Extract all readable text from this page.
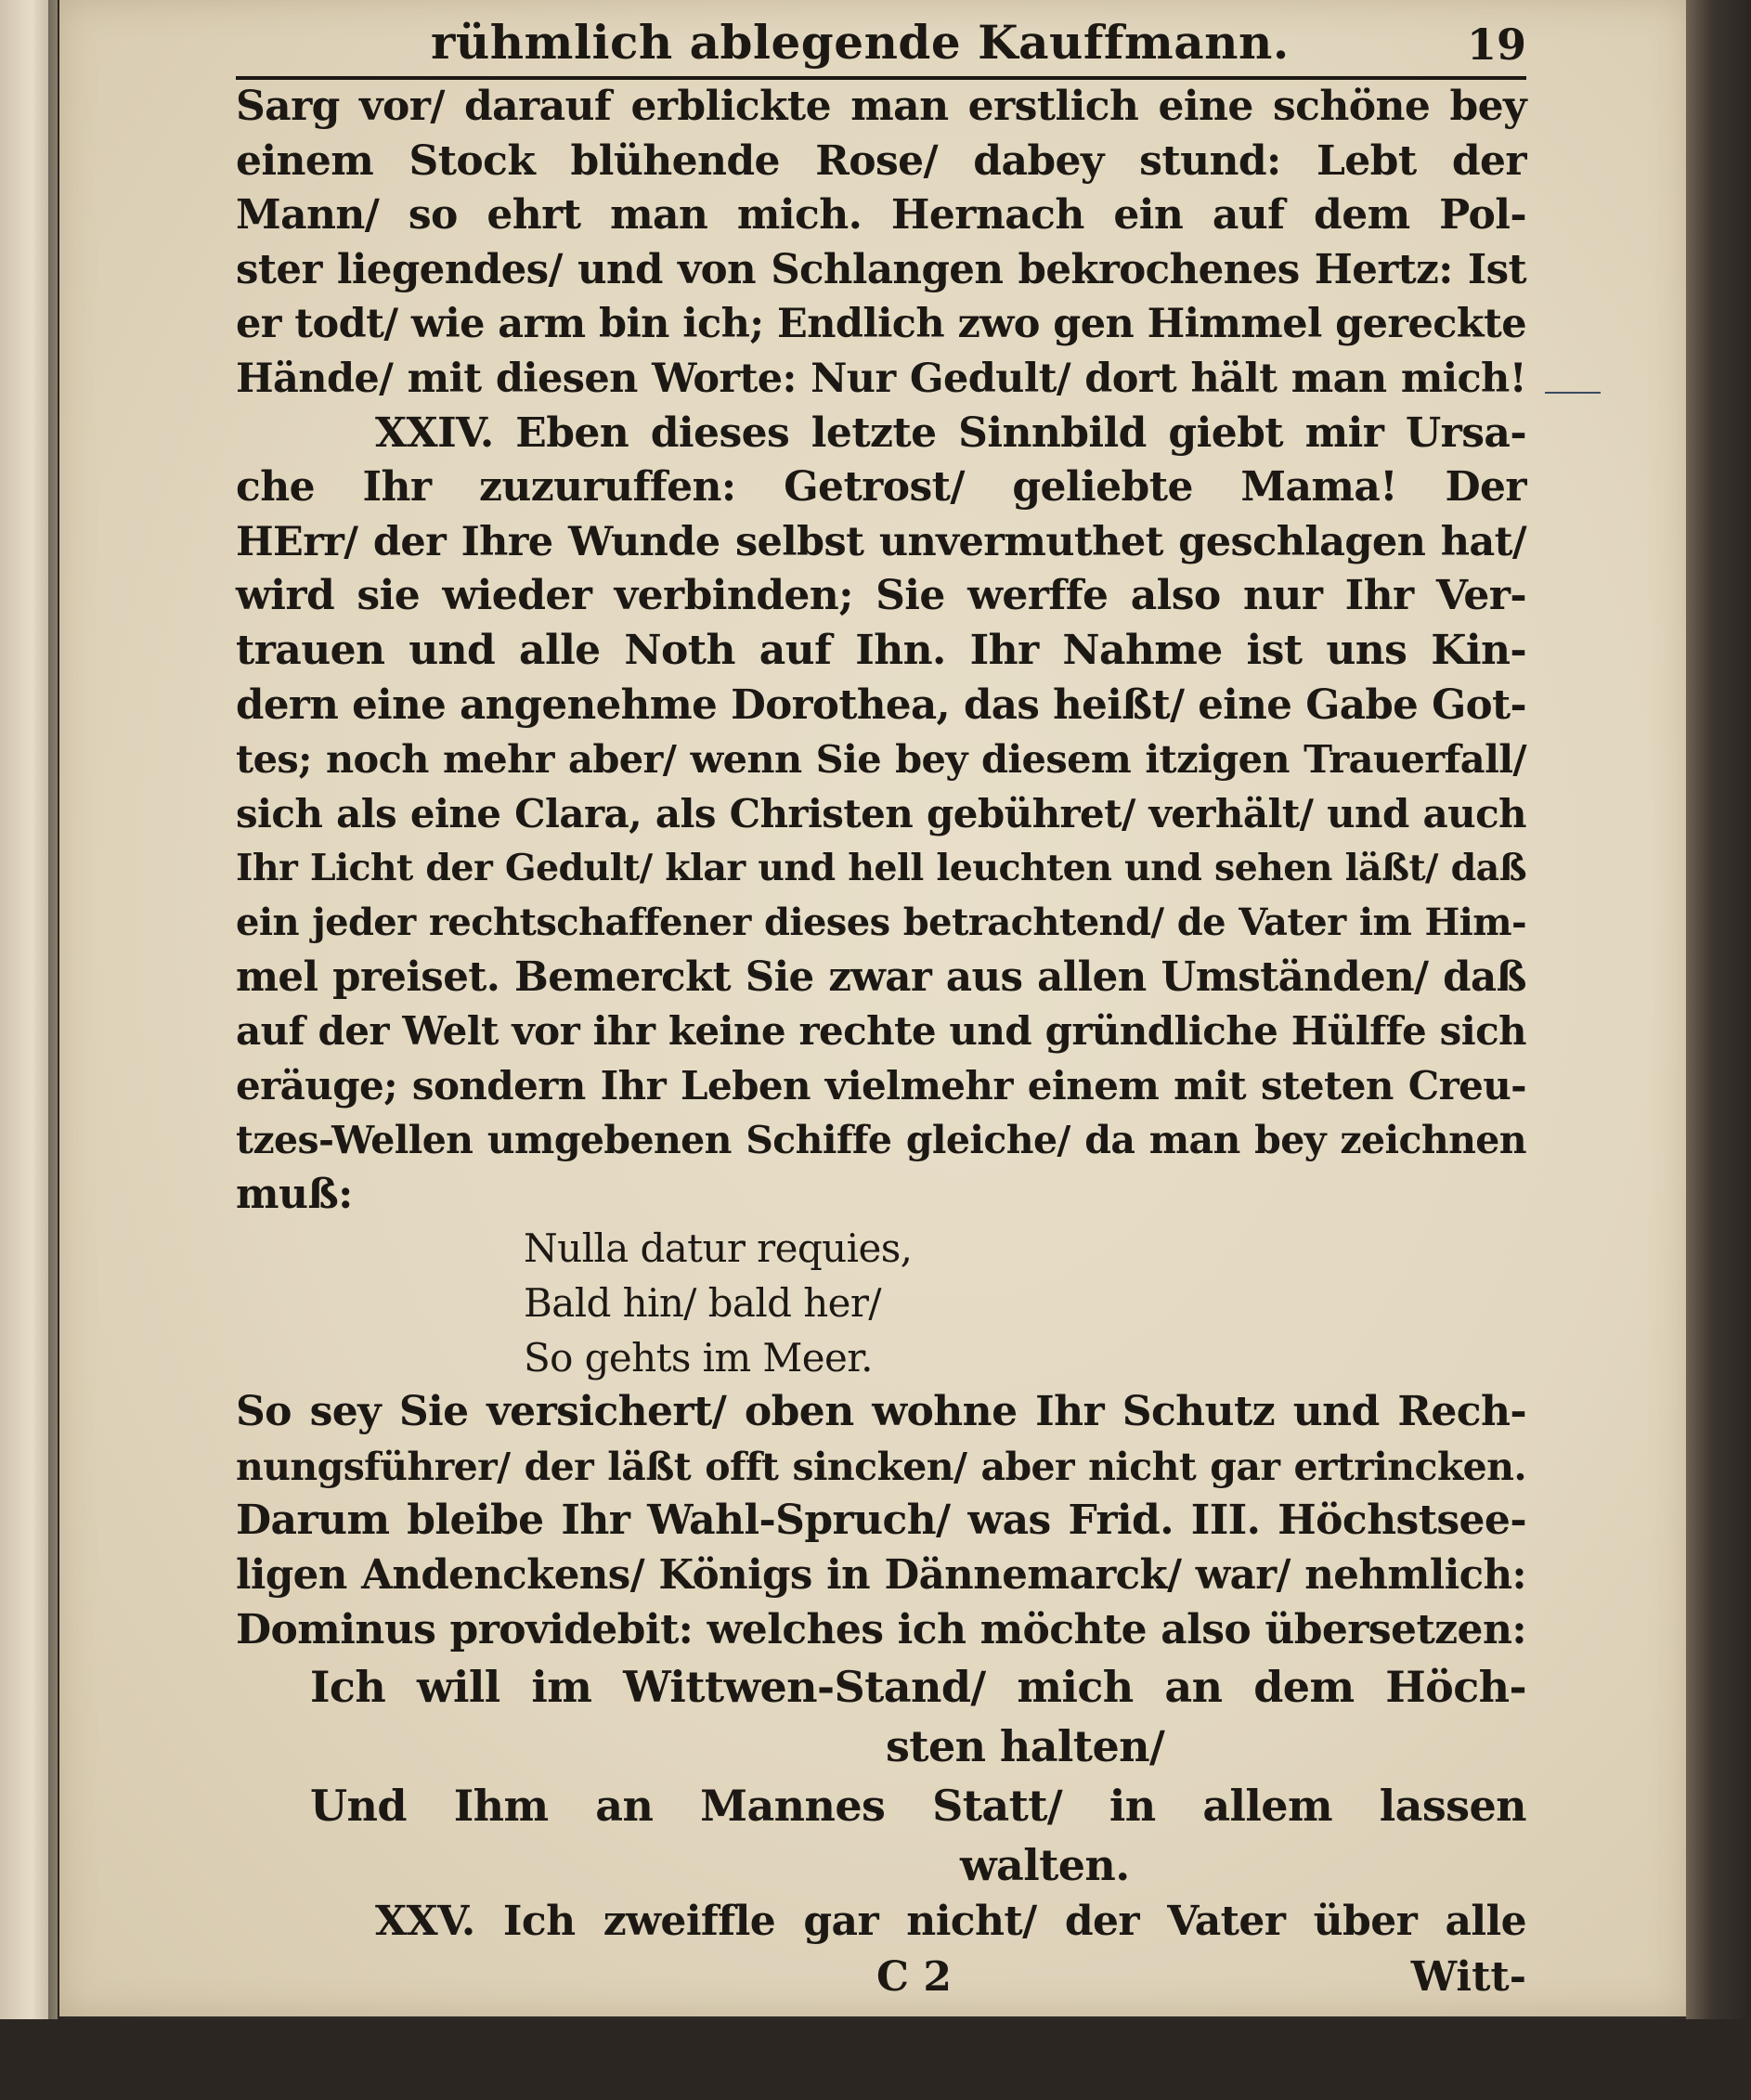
rühmlich ablegende Kauffmann.	19
Sarg vor/ darauf erblickte man erstlich eine schöne bey
einem Stock blühende Rose/ dabey stund: Lebt der
Mann/ so ehrt man mich. Hernach ein auf dem Pol-
ster liegendes/ und von Schlangen bekrochenes Hertz: Ist
er todt/ wie arm bin ich; Endlich zwo gen Himmel gereckte
Hände/ mit diesen Worte: Nur Gedult/ dort hält man mich!
XXIV. Eben dieses letzte Sinnbild giebt mir Ursa-
che Ihr zuzuruffen: Getrost/ geliebte Mama! Der
HErr/ der Ihre Wunde selbst unvermuthet geschlagen hat/
wird sie wieder verbinden; Sie werffe also nur Ihr Ver-
trauen und alle Noth auf Ihn. Ihr Nahme ist uns Kin-
dern eine angenehme Dorothea, das heißt/ eine Gabe Got-
tes; noch mehr aber/ wenn Sie bey diesem itzigen Trauerfall/
sich als eine Clara, als Christen gebühret/ verhält/ und auch
Ihr Licht der Gedult/ klar und hell leuchten und sehen läßt/ daß
ein jeder rechtschaffener dieses betrachtend/ de Vater im Him-
mel preiset. Bemerckt Sie zwar aus allen Umständen/ daß
auf der Welt vor ihr keine rechte und gründliche Hülffe sich
eräuge; sondern Ihr Leben vielmehr einem mit steten Creu-
tzes-Wellen umgebenen Schiffe gleiche/ da man bey zeichnen
muß:
Nulla datur requies,
Bald hin/ bald her/
So gehts im Meer.
So sey Sie versichert/ oben wohne Ihr Schutz und Rech-
nungsführer/ der läßt offt sincken/ aber nicht gar ertrincken.
Darum bleibe Ihr Wahl-Spruch/ was Frid. III. Höchstsee-
ligen Andenckens/ Königs in Dännemarck/ war/ nehmlich:
Dominus providebit: welches ich möchte also übersetzen:
Ich will im Wittwen-Stand/ mich an dem Höch-
sten halten/
Und Ihm an Mannes Statt/ in allem lassen
walten.
XXV. Ich zweiffle gar nicht/ der Vater über alle
C 2	Witt-
